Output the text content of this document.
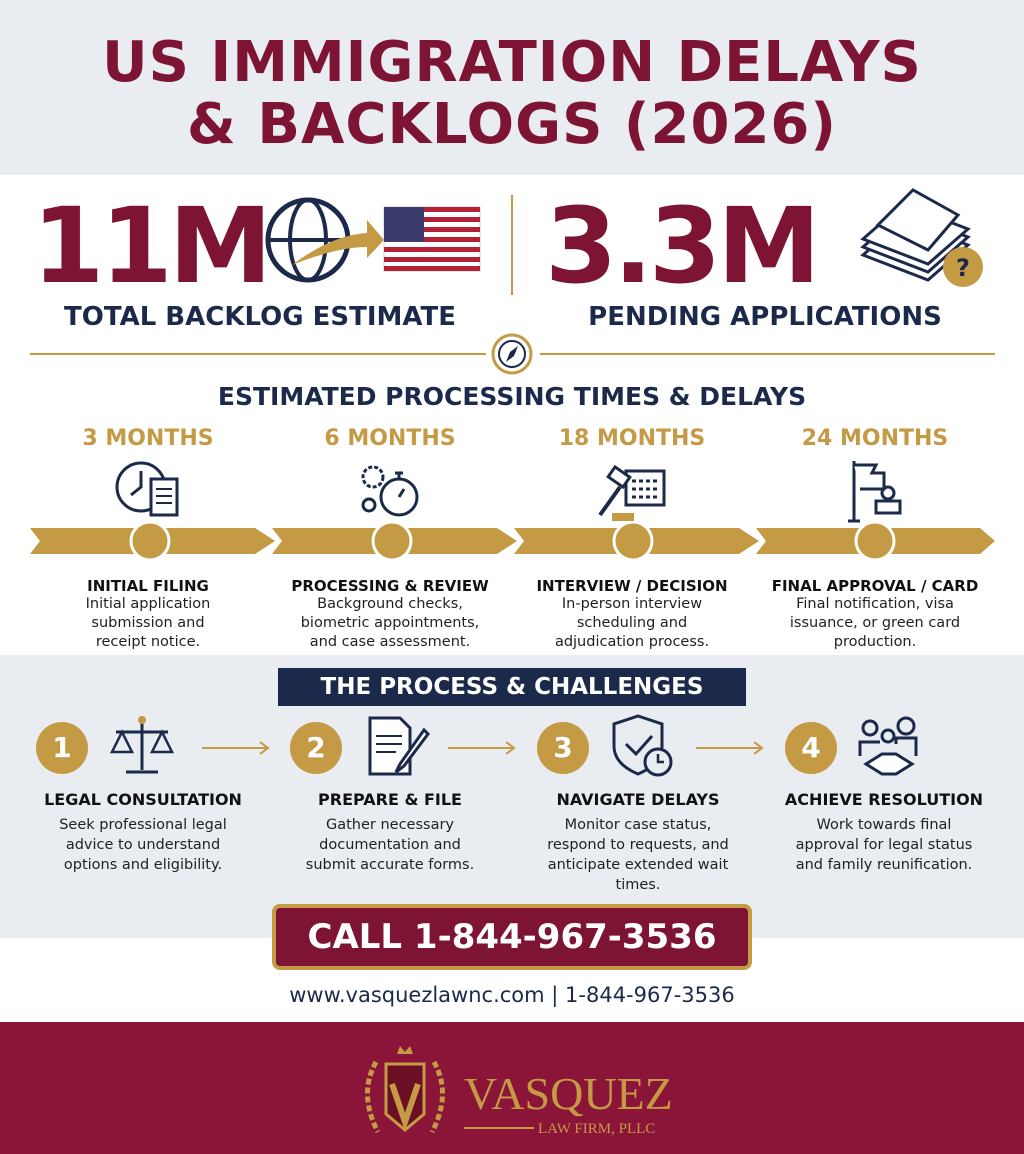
US IMMIGRATION DELAYS
& BACKLOGS (2026)
11M
TOTAL BACKLOG ESTIMATE
3.3M	?
PENDING APPLICATIONS
ESTIMATED PROCESSING TIMES & DELAYS
3 MONTHS
INITIAL FILING
Initial application
submission and
receipt notice.
6 MONTHS
PROCESSING & REVIEW
Background checks,
biometric appointments,
and case assessment.
18 MONTHS
INTERVIEW / DECISION
In-person interview
scheduling and
adjudication process.
24 MONTHS
FINAL APPROVAL / CARD
Final notification, visa
issuance, or green card
production.
THE PROCESS & CHALLENGES
1	2	3	4
LEGAL CONSULTATION
Seek professional legal
advice to understand
options and eligibility.
PREPARE & FILE
Gather necessary
documentation and
submit accurate forms.
NAVIGATE DELAYS
Monitor case status,
respond to requests, and
anticipate extended wait
times.
ACHIEVE RESOLUTION
Work towards final
approval for legal status
and family reunification.
CALL 1-844-967-3536
www.vasquezlawnc.com | 1-844-967-3536
VASQUEZ
LAW FIRM, PLLC
